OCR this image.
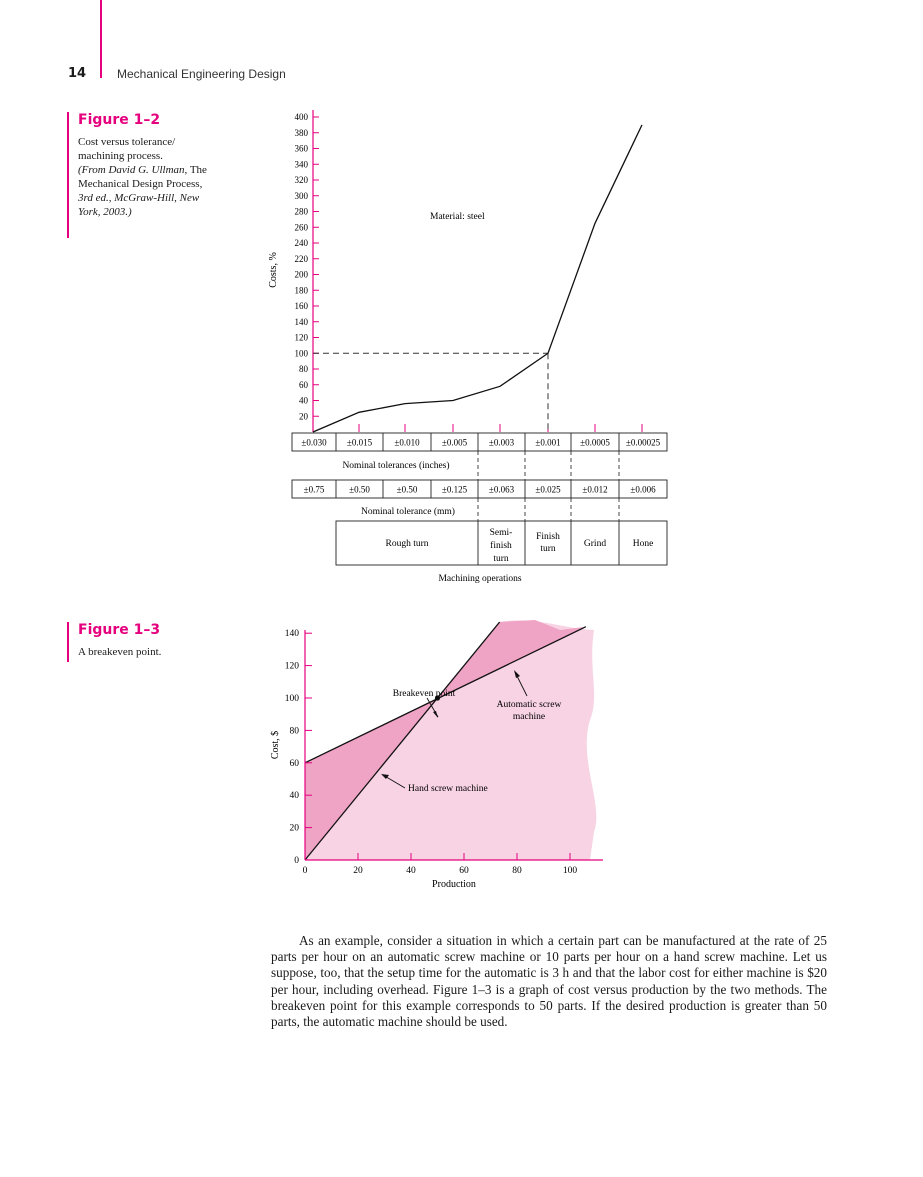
14	Mechanical Engineering Design
Figure 1–2
Cost versus tolerance/
machining process.
(From David G. Ullman, The
Mechanical Design Process,
3rd ed., McGraw-Hill, New
York, 2003.)
20
40
60
80
100
120
140
160
180
200
220
240
260
280
300
320
340
360
380
400
Costs, %
Material: steel
±0.030 ±0.015 ±0.010 ±0.005 ±0.003 ±0.001 ±0.0005 ±0.00025
Nominal tolerances (inches)
±0.75	±0.50	±0.50	±0.125 ±0.063 ±0.025 ±0.012	±0.006
Nominal tolerance (mm)
Rough turn
Semi-
finish
turn
Finish
turn	Grind	Hone
Machining operations
Figure 1–3
A breakeven point.
0
20
40
60
80
100
120
140
0	20	40	60	80	100
Cost, $
Production
Breakeven point
Automatic screw
machine
Hand screw machine

As an example, consider a situation in which a certain part can be manufactured at the rate of 25 parts per hour on an automatic screw machine or 10 parts per hour on a hand screw machine. Let us suppose, too, that the setup time for the automatic is 3 h and that the labor cost for either machine is $20 per hour, including overhead. Figure 1–3 is a graph of cost versus production by the two methods. The breakeven point for this example corresponds to 50 parts. If the desired production is greater than 50 parts, the automatic machine should be used.
